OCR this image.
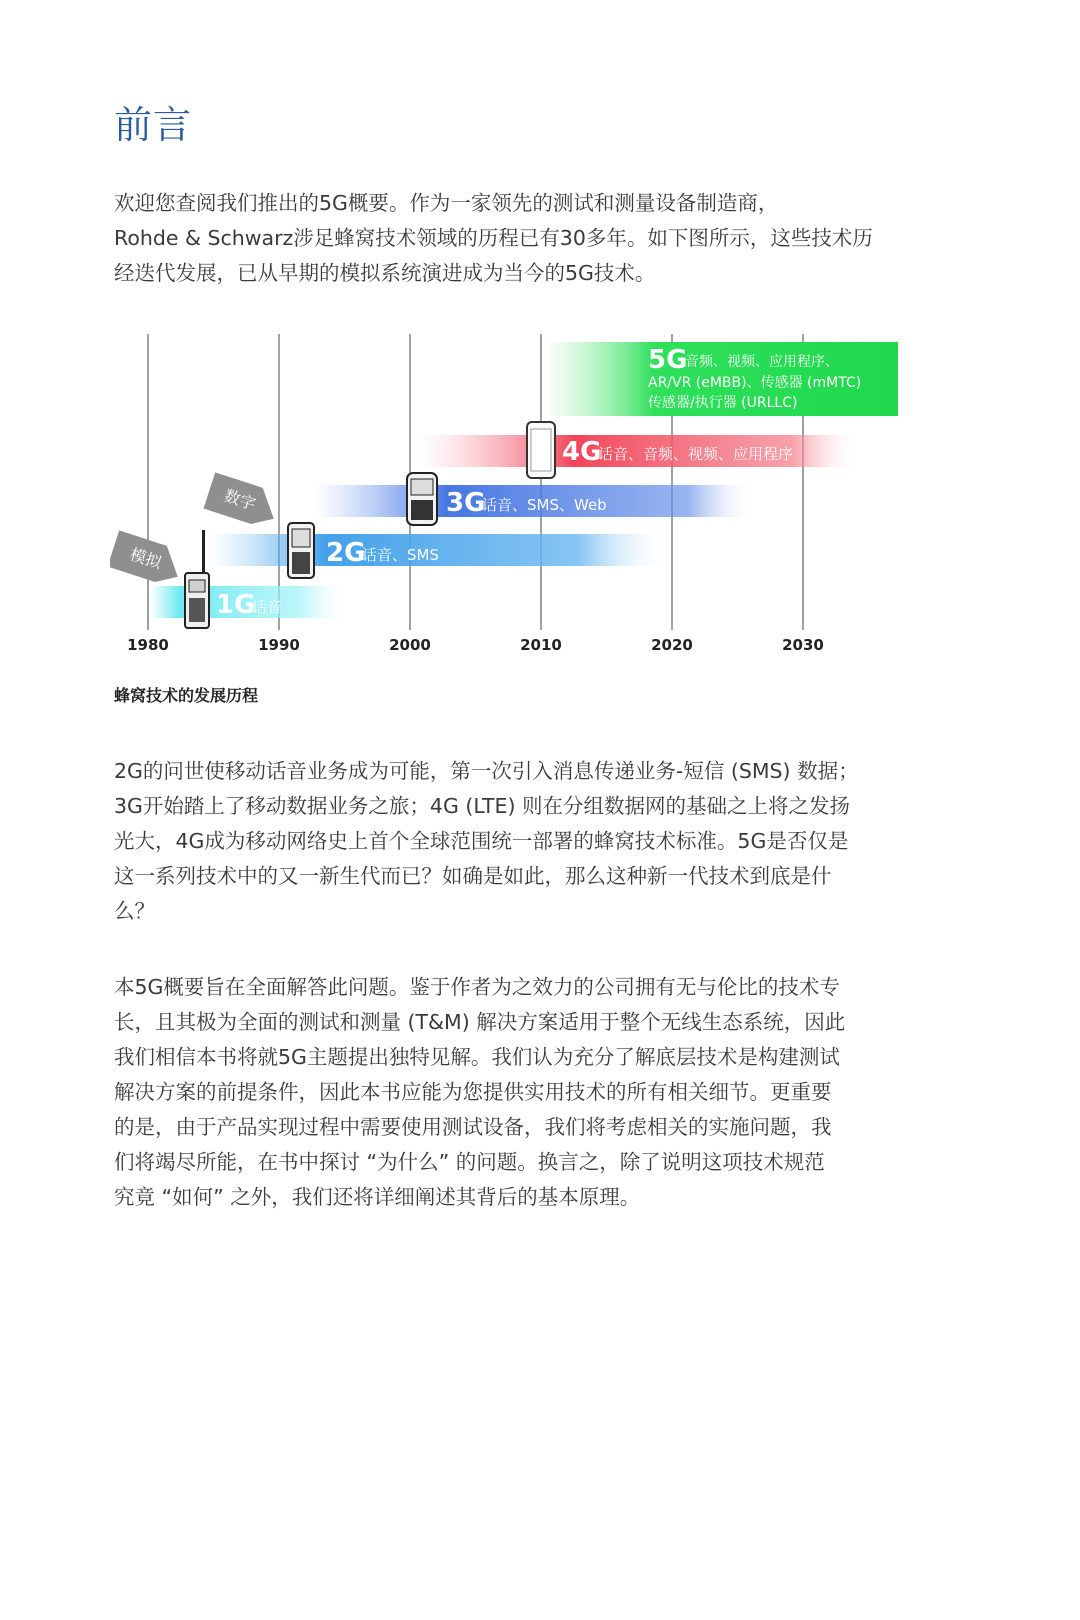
前言

欢迎您查阅我们推出的5G概要。作为一家领先的测试和测量设备制造商，
Rohde & Schwarz涉足蜂窝技术领域的历程已有30多年。如下图所示，这些技术历
经迭代发展，已从早期的模拟系统演进成为当今的5G技术。

模拟
数字
1G
话音
2G
话音、SMS
3G
话音、SMS、Web
4G
话音、音频、视频、应用程序
5G
音频、视频、应用程序、
AR/VR (eMBB)、传感器 (mMTC)
传感器/执行器 (URLLC)
1980	1990	2000	2010	2020	2030

蜂窝技术的发展历程

2G的问世使移动话音业务成为可能，第一次引入消息传递业务-短信 (SMS) 数据；
3G开始踏上了移动数据业务之旅；4G (LTE) 则在分组数据网的基础之上将之发扬
光大，4G成为移动网络史上首个全球范围统一部署的蜂窝技术标准。5G是否仅是
这一系列技术中的又一新生代而已？如确是如此，那么这种新一代技术到底是什
么？

本5G概要旨在全面解答此问题。鉴于作者为之效力的公司拥有无与伦比的技术专
长，且其极为全面的测试和测量 (T&M) 解决方案适用于整个无线生态系统，因此
我们相信本书将就5G主题提出独特见解。我们认为充分了解底层技术是构建测试
解决方案的前提条件，因此本书应能为您提供实用技术的所有相关细节。更重要
的是，由于产品实现过程中需要使用测试设备，我们将考虑相关的实施问题，我
们将竭尽所能，在书中探讨 “为什么” 的问题。换言之，除了说明这项技术规范
究竟 “如何” 之外，我们还将详细阐述其背后的基本原理。
